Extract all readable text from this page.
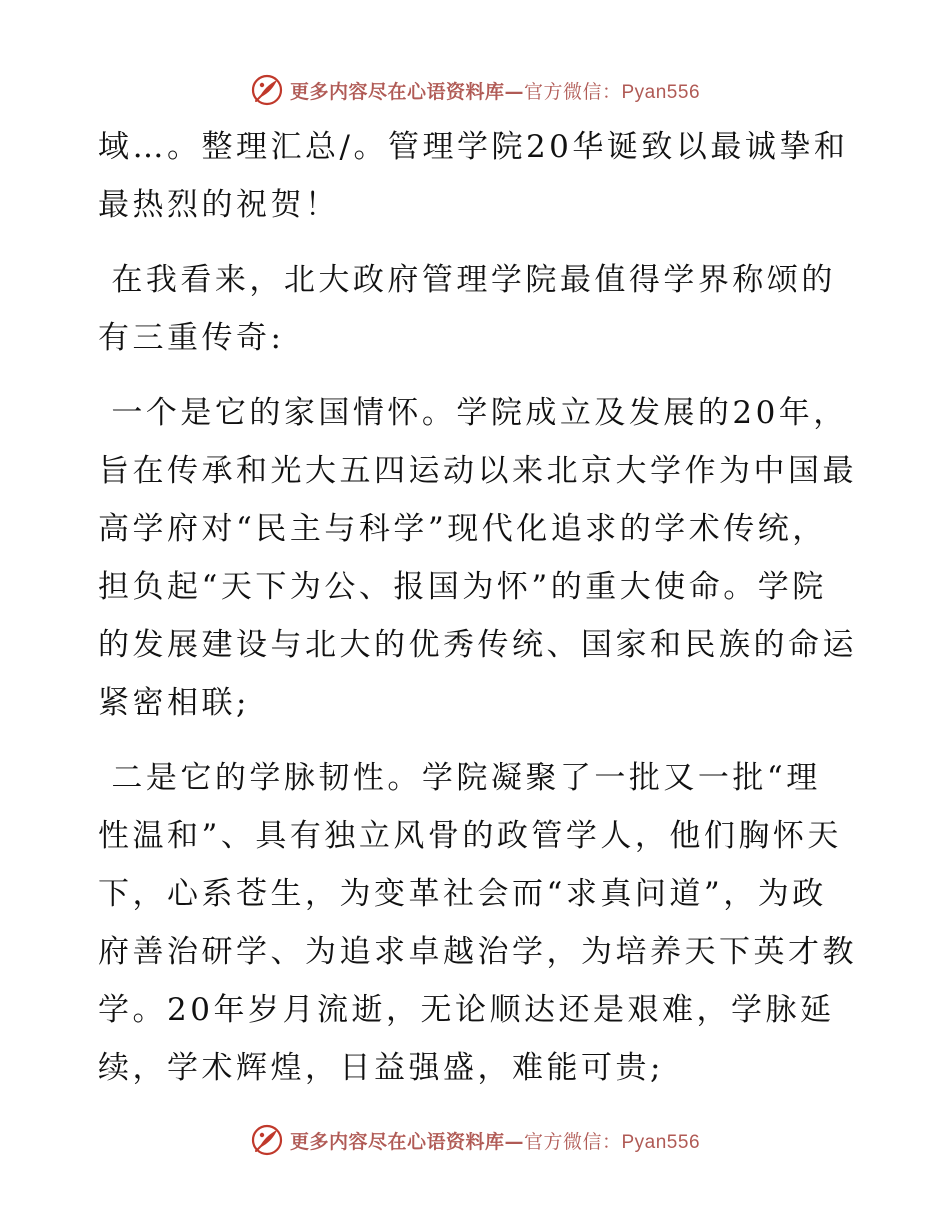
更多内容尽在心语资料库—官方微信：Pyan556

域…。整理汇总/。管理学院20华诞致以最诚挚和
最热烈的祝贺！

在我看来，北大政府管理学院最值得学界称颂的
有三重传奇:

一个是它的家国情怀。学院成立及发展的20年，
旨在传承和光大五四运动以来北京大学作为中国最
高学府对“民主与科学”现代化追求的学术传统，
担负起“天下为公、报国为怀”的重大使命。学院
的发展建设与北大的优秀传统、国家和民族的命运
紧密相联;

二是它的学脉韧性。学院凝聚了一批又一批“理
性温和”、具有独立风骨的政管学人，他们胸怀天
下，心系苍生，为变革社会而“求真问道”，为政
府善治研学、为追求卓越治学，为培养天下英才教
学。20年岁月流逝，无论顺达还是艰难，学脉延
续，学术辉煌，日益强盛，难能可贵;

更多内容尽在心语资料库—官方微信：Pyan556
